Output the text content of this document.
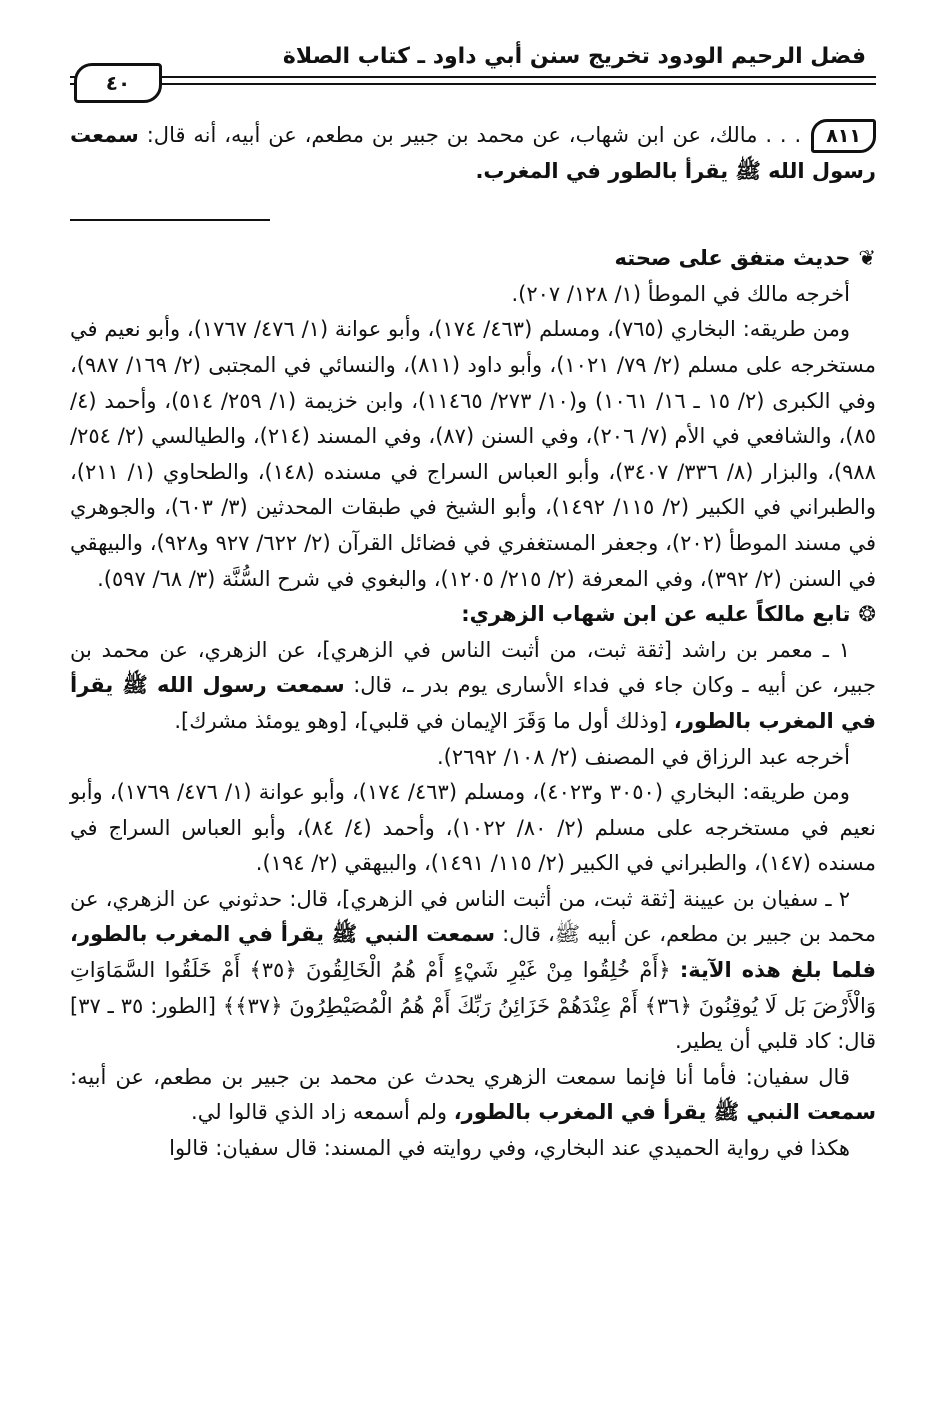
فضل الرحيم الودود تخريج سنن أبي داود ـ كتاب الصلاة
٤٠

٨١١. . . مالك، عن ابن شهاب، عن محمد بن جبير بن مطعم، عن أبيه، أنه قال: سمعت رسول الله ﷺ يقرأ بالطور في المغرب.

❦حديث متفق على صحته

أخرجه مالك في الموطأ (١/ ١٢٨/ ٢٠٧).

ومن طريقه: البخاري (٧٦٥)، ومسلم (٤٦٣/ ١٧٤)، وأبو عوانة (١/ ٤٧٦/ ١٧٦٧)، وأبو نعيم في مستخرجه على مسلم (٢/ ٧٩/ ١٠٢١)، وأبو داود (٨١١)، والنسائي في المجتبى (٢/ ١٦٩/ ٩٨٧)، وفي الكبرى (٢/ ١٥ ـ ١٦/ ١٠٦١) و(١٠/ ٢٧٣/ ١١٤٦٥)، وابن خزيمة (١/ ٢٥٩/ ٥١٤)، وأحمد (٤/ ٨٥)، والشافعي في الأم (٧/ ٢٠٦)، وفي السنن (٨٧)، وفي المسند (٢١٤)، والطيالسي (٢/ ٢٥٤/ ٩٨٨)، والبزار (٨/ ٣٣٦/ ٣٤٠٧)، وأبو العباس السراج في مسنده (١٤٨)، والطحاوي (١/ ٢١١)، والطبراني في الكبير (٢/ ١١٥/ ١٤٩٢)، وأبو الشيخ في طبقات المحدثين (٣/ ٦٠٣)، والجوهري في مسند الموطأ (٢٠٢)، وجعفر المستغفري في فضائل القرآن (٢/ ٦٢٢/ ٩٢٧ و٩٢٨)، والبيهقي في السنن (٢/ ٣٩٢)، وفي المعرفة (٢/ ٢١٥/ ١٢٠٥)، والبغوي في شرح السُّنَّة (٣/ ٦٨/ ٥٩٧).

❂تابع مالكاً عليه عن ابن شهاب الزهري:

١ ـ معمر بن راشد [ثقة ثبت، من أثبت الناس في الزهري]، عن الزهري، عن محمد بن جبير، عن أبيه ـ وكان جاء في فداء الأسارى يوم بدر ـ، قال: سمعت رسول الله ﷺ يقرأ في المغرب بالطور، [وذلك أول ما وَقَرَ الإيمان في قلبي]، [وهو يومئذ مشرك].

أخرجه عبد الرزاق في المصنف (٢/ ١٠٨/ ٢٦٩٢).

ومن طريقه: البخاري (٣٠٥٠ و٤٠٢٣)، ومسلم (٤٦٣/ ١٧٤)، وأبو عوانة (١/ ٤٧٦/ ١٧٦٩)، وأبو نعيم في مستخرجه على مسلم (٢/ ٨٠/ ١٠٢٢)، وأحمد (٤/ ٨٤)، وأبو العباس السراج في مسنده (١٤٧)، والطبراني في الكبير (٢/ ١١٥/ ١٤٩١)، والبيهقي (٢/ ١٩٤).

٢ ـ سفيان بن عيينة [ثقة ثبت، من أثبت الناس في الزهري]، قال: حدثوني عن الزهري، عن محمد بن جبير بن مطعم، عن أبيه ﷺ، قال: سمعت النبي ﷺ يقرأ في المغرب بالطور، فلما بلغ هذه الآية: ﴿أَمْ خُلِقُوا مِنْ غَيْرِ شَيْءٍ أَمْ هُمُ الْخَالِقُونَ ﴿٣٥﴾ أَمْ خَلَقُوا السَّمَاوَاتِ وَالْأَرْضَ بَل لَا يُوقِنُونَ ﴿٣٦﴾ أَمْ عِنْدَهُمْ خَزَائِنُ رَبِّكَ أَمْ هُمُ الْمُصَيْطِرُونَ ﴿٣٧﴾﴾ [الطور: ٣٥ ـ ٣٧] قال: كاد قلبي أن يطير.

قال سفيان: فأما أنا فإنما سمعت الزهري يحدث عن محمد بن جبير بن مطعم، عن أبيه: سمعت النبي ﷺ يقرأ في المغرب بالطور، ولم أسمعه زاد الذي قالوا لي.

هكذا في رواية الحميدي عند البخاري، وفي روايته في المسند: قال سفيان: قالوا
